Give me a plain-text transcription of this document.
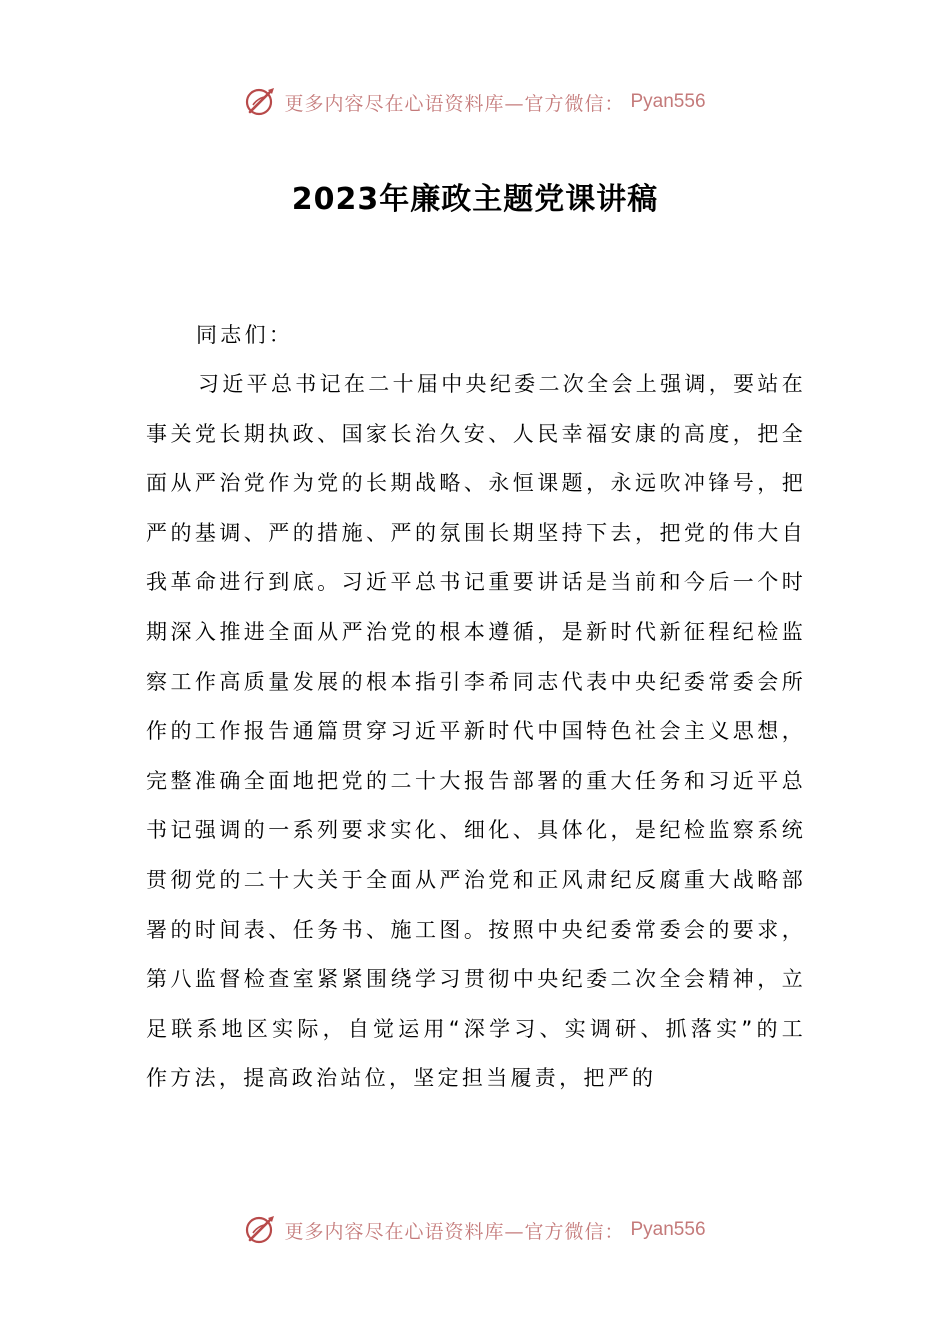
更多内容尽在心语资料库—官方微信： Pyan556
2023年廉政主题党课讲稿
同志们：
习近平总书记在二十届中央纪委二次全会上强调，要站在事关党长期执政、国家长治久安、人民幸福安康的高度，把全面从严治党作为党的长期战略、永恒课题，永远吹冲锋号，把严的基调、严的措施、严的氛围长期坚持下去，把党的伟大自我革命进行到底。习近平总书记重要讲话是当前和今后一个时期深入推进全面从严治党的根本遵循，是新时代新征程纪检监察工作高质量发展的根本指引李希同志代表中央纪委常委会所作的工作报告通篇贯穿习近平新时代中国特色社会主义思想，完整准确全面地把党的二十大报告部署的重大任务和习近平总书记强调的一系列要求实化、细化、具体化，是纪检监察系统贯彻党的二十大关于全面从严治党和正风肃纪反腐重大战略部署的时间表、任务书、施工图。按照中央纪委常委会的要求，第八监督检查室紧紧围绕学习贯彻中央纪委二次全会精神，立足联系地区实际，自觉运用“深学习、实调研、抓落实”的工作方法，提高政治站位，坚定担当履责，把严的
更多内容尽在心语资料库—官方微信： Pyan556
